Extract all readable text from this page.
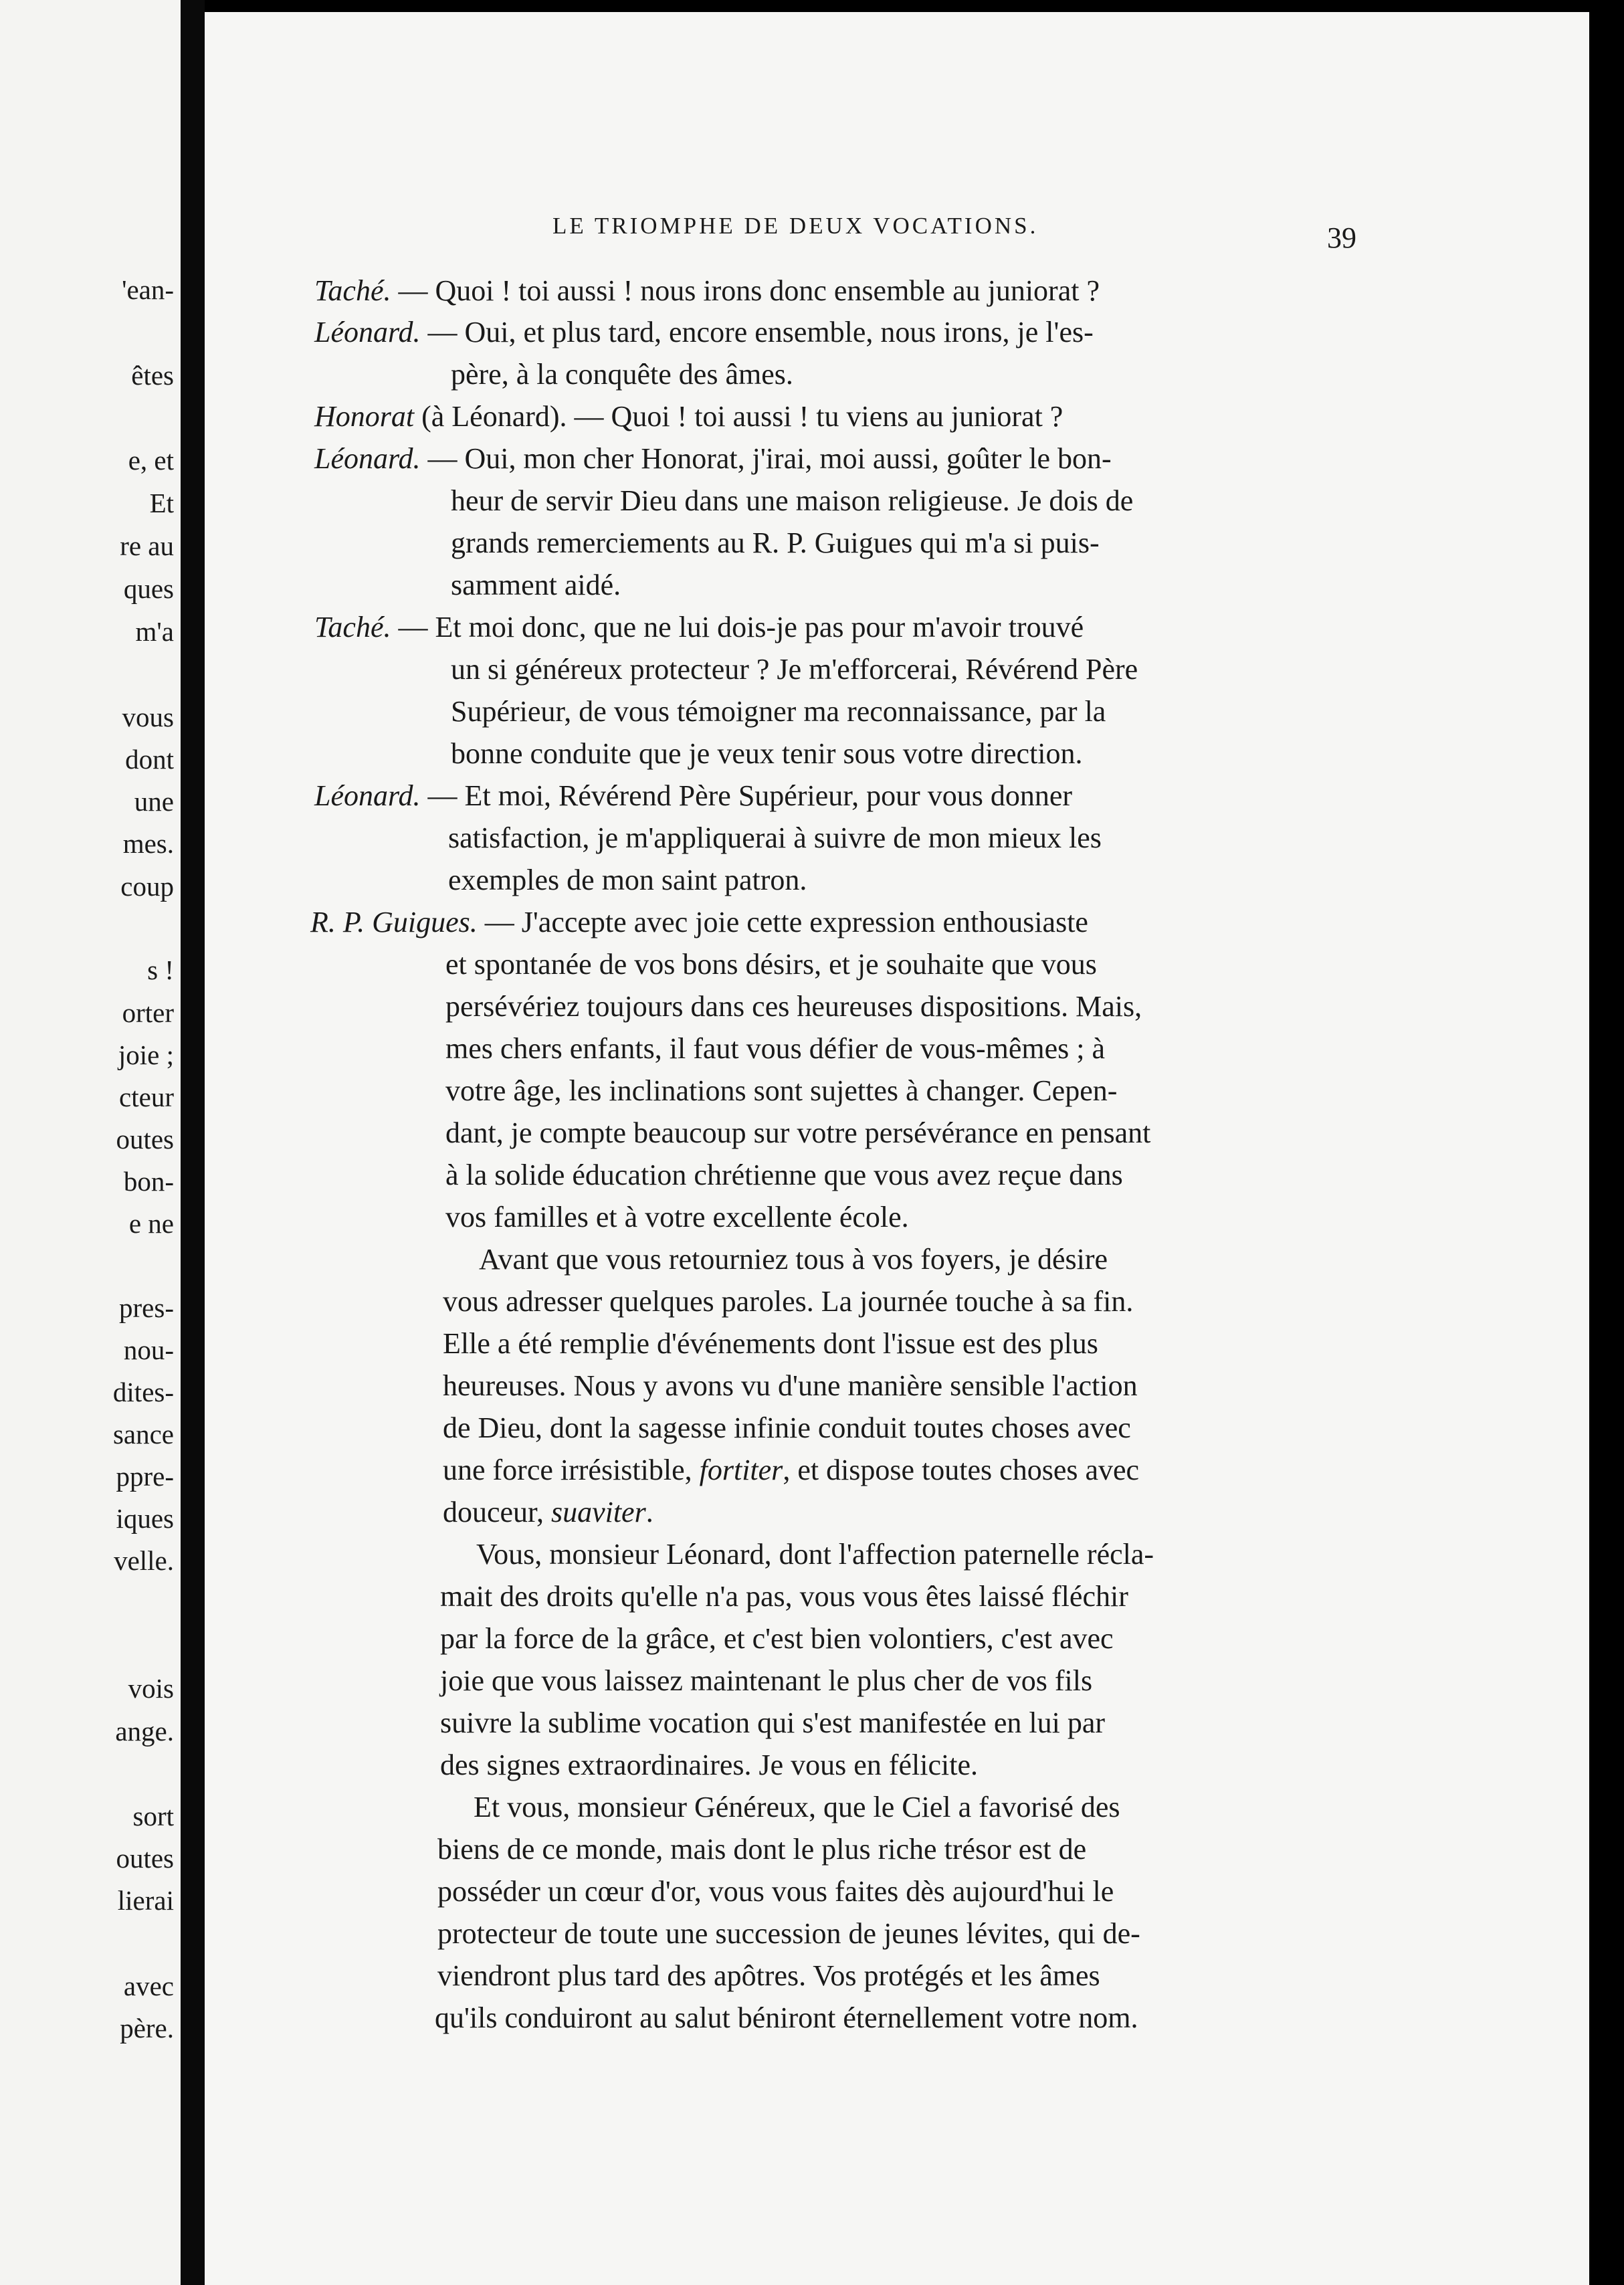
'ean-
êtes
e, et
Et
re au
ques
m'a
vous
dont
une
mes.
coup
s !
orter
joie ;
cteur
outes
bon-
e ne
pres-
nou-
dites-
sance
ppre-
iques
velle.
vois
ange.
sort
outes
lierai
avec
père.
LE TRIOMPHE DE DEUX VOCATIONS.	39
Taché. — Quoi ! toi aussi ! nous irons donc ensemble au juniorat ?
Léonard. — Oui, et plus tard, encore ensemble, nous irons, je l'es-
père, à la conquête des âmes.
Honorat (à Léonard). — Quoi ! toi aussi ! tu viens au juniorat ?
Léonard. — Oui, mon cher Honorat, j'irai, moi aussi, goûter le bon-
heur de servir Dieu dans une maison religieuse. Je dois de
grands remerciements au R. P. Guigues qui m'a si puis-
samment aidé.
Taché. — Et moi donc, que ne lui dois-je pas pour m'avoir trouvé
un si généreux protecteur ? Je m'efforcerai, Révérend Père
Supérieur, de vous témoigner ma reconnaissance, par la
bonne conduite que je veux tenir sous votre direction.
Léonard. — Et moi, Révérend Père Supérieur, pour vous donner
satisfaction, je m'appliquerai à suivre de mon mieux les
exemples de mon saint patron.
R. P. Guigues. — J'accepte avec joie cette expression enthousiaste
et spontanée de vos bons désirs, et je souhaite que vous
persévériez toujours dans ces heureuses dispositions. Mais,
mes chers enfants, il faut vous défier de vous-mêmes ; à
votre âge, les inclinations sont sujettes à changer. Cepen-
dant, je compte beaucoup sur votre persévérance en pensant
à la solide éducation chrétienne que vous avez reçue dans
vos familles et à votre excellente école.
Avant que vous retourniez tous à vos foyers, je désire
vous adresser quelques paroles. La journée touche à sa fin.
Elle a été remplie d'événements dont l'issue est des plus
heureuses. Nous y avons vu d'une manière sensible l'action
de Dieu, dont la sagesse infinie conduit toutes choses avec
une force irrésistible, fortiter, et dispose toutes choses avec
douceur, suaviter.
Vous, monsieur Léonard, dont l'affection paternelle récla-
mait des droits qu'elle n'a pas, vous vous êtes laissé fléchir
par la force de la grâce, et c'est bien volontiers, c'est avec
joie que vous laissez maintenant le plus cher de vos fils
suivre la sublime vocation qui s'est manifestée en lui par
des signes extraordinaires. Je vous en félicite.
Et vous, monsieur Généreux, que le Ciel a favorisé des
biens de ce monde, mais dont le plus riche trésor est de
posséder un cœur d'or, vous vous faites dès aujourd'hui le
protecteur de toute une succession de jeunes lévites, qui de-
viendront plus tard des apôtres. Vos protégés et les âmes
qu'ils conduiront au salut béniront éternellement votre nom.
